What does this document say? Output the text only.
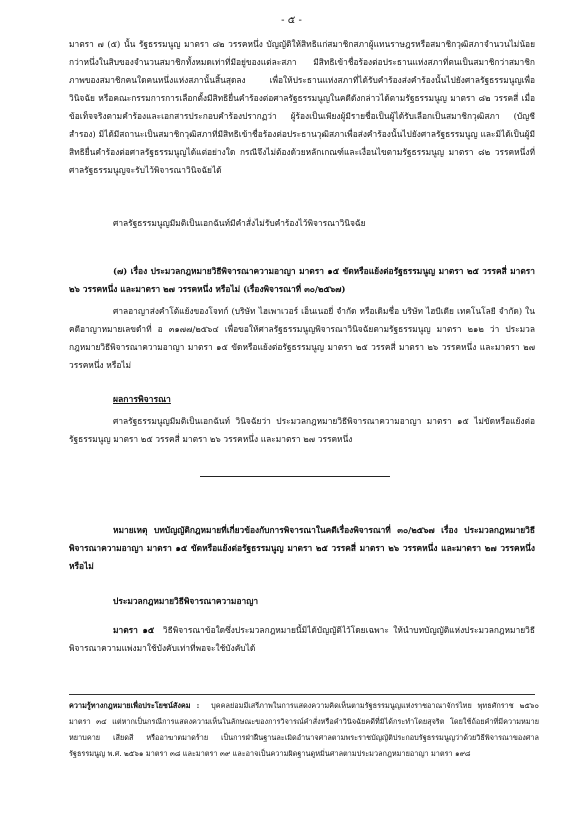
- ๕ -

มาตรา ๗ (๕) นั้น รัฐธรรมนูญ มาตรา ๘๒ วรรคหนึ่ง บัญญัติให้สิทธิแก่สมาชิกสภาผู้แทนราษฎรหรือสมาชิกวุฒิสภาจำนวนไม่น้อยกว่าหนึ่งในสิบของจำนวนสมาชิกทั้งหมดเท่าที่มีอยู่ของแต่ละสภา มีสิทธิเข้าชื่อร้องต่อประธานแห่งสภาที่ตนเป็นสมาชิกว่าสมาชิกภาพของสมาชิกคนใดคนหนึ่งแห่งสภานั้นสิ้นสุดลง เพื่อให้ประธานแห่งสภาที่ได้รับคำร้องส่งคำร้องนั้นไปยังศาลรัฐธรรมนูญเพื่อวินิจฉัย หรือคณะกรรมการการเลือกตั้งมีสิทธิยื่นคำร้องต่อศาลรัฐธรรมนูญในคดีดังกล่าวได้ตามรัฐธรรมนูญ มาตรา ๘๒ วรรคสี่ เมื่อข้อเท็จจริงตามคำร้องและเอกสารประกอบคำร้องปรากฏว่า ผู้ร้องเป็นเพียงผู้มีรายชื่อเป็นผู้ได้รับเลือกเป็นสมาชิกวุฒิสภา (บัญชีสำรอง) มิได้มีสถานะเป็นสมาชิกวุฒิสภาที่มีสิทธิเข้าชื่อร้องต่อประธานวุฒิสภาเพื่อส่งคำร้องนั้นไปยังศาลรัฐธรรมนูญ และมิได้เป็นผู้มีสิทธิยื่นคำร้องต่อศาลรัฐธรรมนูญได้แต่อย่างใด กรณีจึงไม่ต้องด้วยหลักเกณฑ์และเงื่อนไขตามรัฐธรรมนูญ มาตรา ๘๒ วรรคหนึ่งที่ศาลรัฐธรรมนูญจะรับไว้พิจารณาวินิจฉัยได้

ศาลรัฐธรรมนูญมีมติเป็นเอกฉันท์มีคำสั่งไม่รับคำร้องไว้พิจารณาวินิจฉัย

(๗) เรื่อง ประมวลกฎหมายวิธีพิจารณาความอาญา มาตรา ๑๕ ขัดหรือแย้งต่อรัฐธรรมนูญ มาตรา ๒๕ วรรคสี่ มาตรา ๒๖ วรรคหนึ่ง และมาตรา ๒๗ วรรคหนึ่ง หรือไม่ (เรื่องพิจารณาที่ ๓๐/๒๕๖๗)

ศาลอาญาส่งคำโต้แย้งของโจทก์ (บริษัท ไฮเพาเวอร์ เอ็นเนอยี่ จำกัด หรือเดิมชื่อ บริษัท ไฮบีเดีย เทคโนโลยี จำกัด) ในคดีอาญาหมายเลขดำที่ อ ๓๑๗๗/๒๕๖๔ เพื่อขอให้ศาลรัฐธรรมนูญพิจารณาวินิจฉัยตามรัฐธรรมนูญ มาตรา ๒๑๒ ว่า ประมวลกฎหมายวิธีพิจารณาความอาญา มาตรา ๑๕ ขัดหรือแย้งต่อรัฐธรรมนูญ มาตรา ๒๕ วรรคสี่ มาตรา ๒๖ วรรคหนึ่ง และมาตรา ๒๗ วรรคหนึ่ง หรือไม่

ผลการพิจารณา

ศาลรัฐธรรมนูญมีมติเป็นเอกฉันท์ วินิจฉัยว่า ประมวลกฎหมายวิธีพิจารณาความอาญา มาตรา ๑๕ ไม่ขัดหรือแย้งต่อรัฐธรรมนูญ มาตรา ๒๕ วรรคสี่ มาตรา ๒๖ วรรคหนึ่ง และมาตรา ๒๗ วรรคหนึ่ง

หมายเหตุ บทบัญญัติกฎหมายที่เกี่ยวข้องกับการพิจารณาในคดีเรื่องพิจารณาที่ ๓๐/๒๕๖๗ เรื่อง ประมวลกฎหมายวิธีพิจารณาความอาญา มาตรา ๑๕ ขัดหรือแย้งต่อรัฐธรรมนูญ มาตรา ๒๕ วรรคสี่ มาตรา ๒๖ วรรคหนึ่ง และมาตรา ๒๗ วรรคหนึ่ง หรือไม่

ประมวลกฎหมายวิธีพิจารณาความอาญา

มาตรา ๑๕ วิธีพิจารณาข้อใดซึ่งประมวลกฎหมายนี้มิได้บัญญัติไว้โดยเฉพาะ ให้นำบทบัญญัติแห่งประมวลกฎหมายวิธีพิจารณาความแพ่งมาใช้บังคับเท่าที่พอจะใช้บังคับได้

ความรู้ทางกฎหมายเพื่อประโยชน์สังคม : บุคคลย่อมมีเสรีภาพในการแสดงความคิดเห็นตามรัฐธรรมนูญแห่งราชอาณาจักรไทย พุทธศักราช ๒๕๖๐ มาตรา ๓๔ แต่หากเป็นกรณีการแสดงความเห็นในลักษณะของการวิจารณ์คำสั่งหรือคำวินิจฉัยคดีที่มิได้กระทำโดยสุจริต โดยใช้ถ้อยคำที่มีความหมายหยาบคาย เสียดสี หรืออาฆาตมาดร้าย เป็นการฝ่าฝืนฐานละเมิดอำนาจศาลตามพระราชบัญญัติประกอบรัฐธรรมนูญว่าด้วยวิธีพิจารณาของศาลรัฐธรรมนูญ พ.ศ. ๒๕๖๑ มาตรา ๓๘ และมาตรา ๓๙ และอาจเป็นความผิดฐานดูหมิ่นศาลตามประมวลกฎหมายอาญา มาตรา ๑๙๘
